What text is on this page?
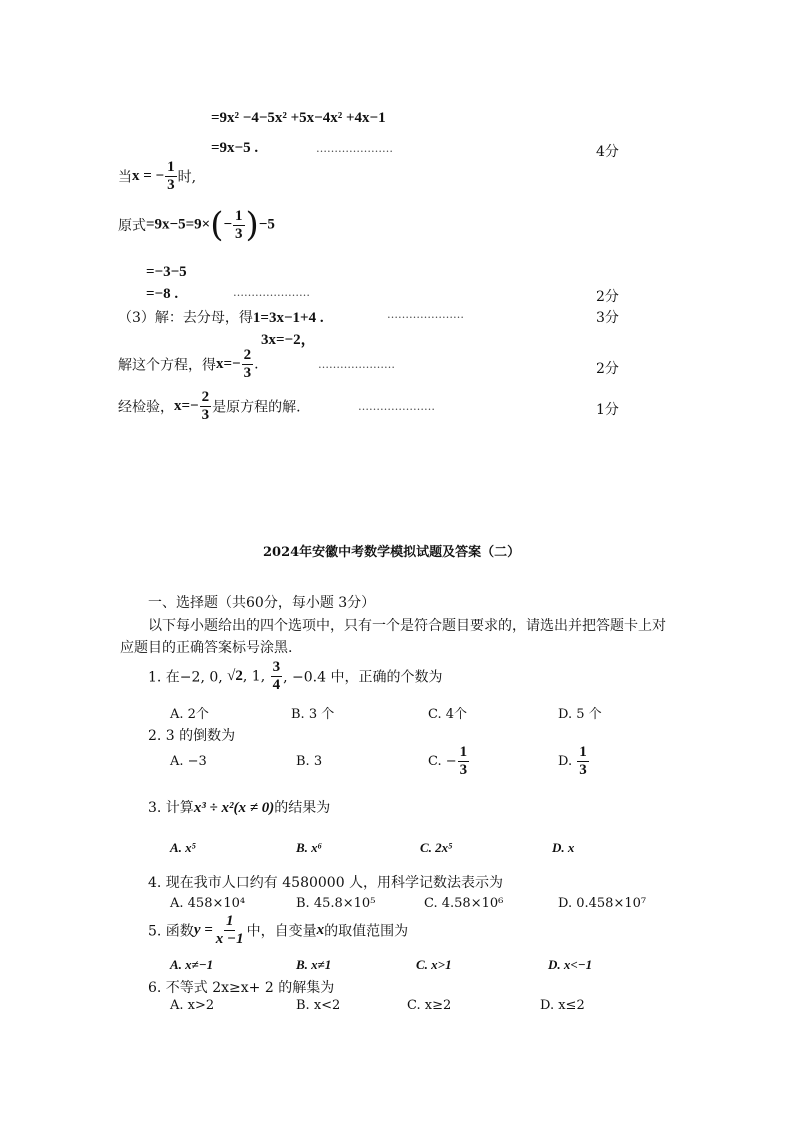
=9x² −4−5x² +5x−4x² +4x−1
=9x−5 .	…………………	4分
当x = − $\frac{1}{3}$ 时,
原式$=9x-5=9\times(- \frac{1}{3} )-5$
=−3−5
=−8 .	…………………	2分
（3）解：去分母，得1=3x−1+4 .	…………………	3分
3x=−2，
解这个方程，得$x=- \frac{2}{3}$ .	…………………	2分
经检验，$x=- \frac{2}{3}$ 是原方程的解.	…………………	1分
2024年安徽中考数学模拟试题及答案（二）
一、选择题（共60分，每小题 3分）
以下每小题给出的四个选项中，只有一个是符合题目要求的，请选出并把答题卡上对
应题目的正确答案标号涂黑.
1. 在−2, 0, √2, 1, $\frac{3}{4}$ , −0.4 中，正确的个数为
A. 2个	B. 3 个	C. 4个	D. 5 个
2. 3 的倒数为
A. −3	B. 3	C. − $\frac{1}{3}$	D. $\frac{1}{3}$
3. 计算x³ ÷ x²(x ≠ 0)的结果为
A. x⁵	B. x⁶	C. 2x⁵	D. x
4. 现在我市人口约有 4580000 人，用科学记数法表示为
A. 458×10⁴	B. 45.8×10⁵	C. 4.58×10⁶	D. 0.458×10⁷
5. 函数$y = \frac{1}{x -1}$ 中，自变量x的取值范围为
A. x≠−1	B. x≠1	C. x>1	D. x<−1
6. 不等式 2x≥x+ 2 的解集为
A. x>2	B. x<2	C. x≥2	D. x≤2
